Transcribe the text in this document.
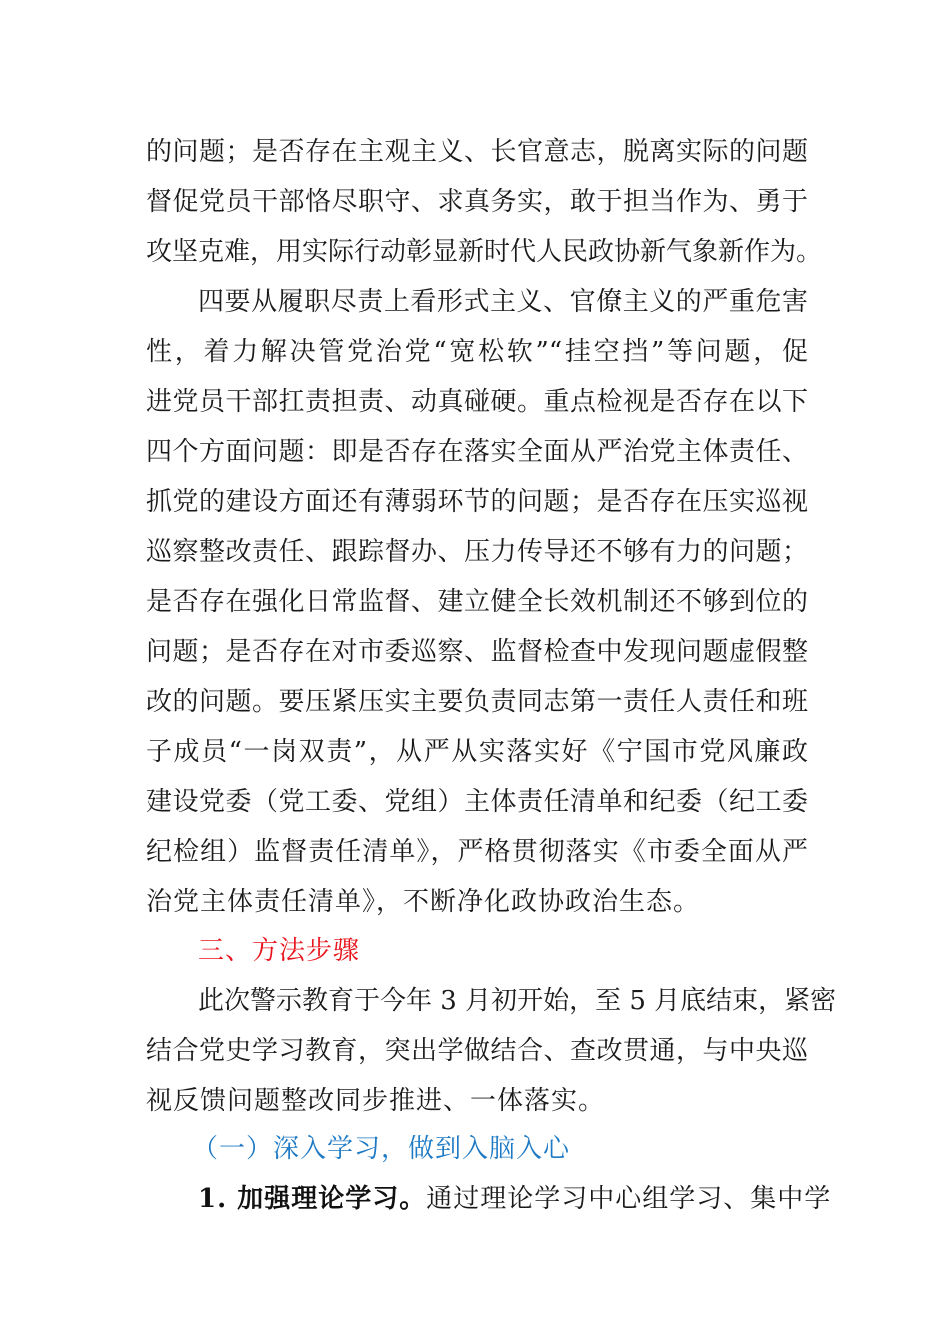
的问题；是否存在主观主义、长官意志，脱离实际的问题
督促党员干部恪尽职守、求真务实，敢于担当作为、勇于
攻坚克难，用实际行动彰显新时代人民政协新气象新作为。
四要从履职尽责上看形式主义、官僚主义的严重危害
性，着力解决管党治党“宽松软”“挂空挡”等问题，促
进党员干部扛责担责、动真碰硬。重点检视是否存在以下
四个方面问题：即是否存在落实全面从严治党主体责任、
抓党的建设方面还有薄弱环节的问题；是否存在压实巡视
巡察整改责任、跟踪督办、压力传导还不够有力的问题；
是否存在强化日常监督、建立健全长效机制还不够到位的
问题；是否存在对市委巡察、监督检查中发现问题虚假整
改的问题。要压紧压实主要负责同志第一责任人责任和班
子成员“一岗双责”，从严从实落实好《宁国市党风廉政
建设党委（党工委、党组）主体责任清单和纪委（纪工委
纪检组）监督责任清单》，严格贯彻落实《市委全面从严
治党主体责任清单》，不断净化政协政治生态。
三、方法步骤
此次警示教育于今年 3 月初开始，至 5 月底结束，紧密
结合党史学习教育，突出学做结合、查改贯通，与中央巡
视反馈问题整改同步推进、一体落实。
（一）深入学习，做到入脑入心
1. 加强理论学习。通过理论学习中心组学习、集中学
